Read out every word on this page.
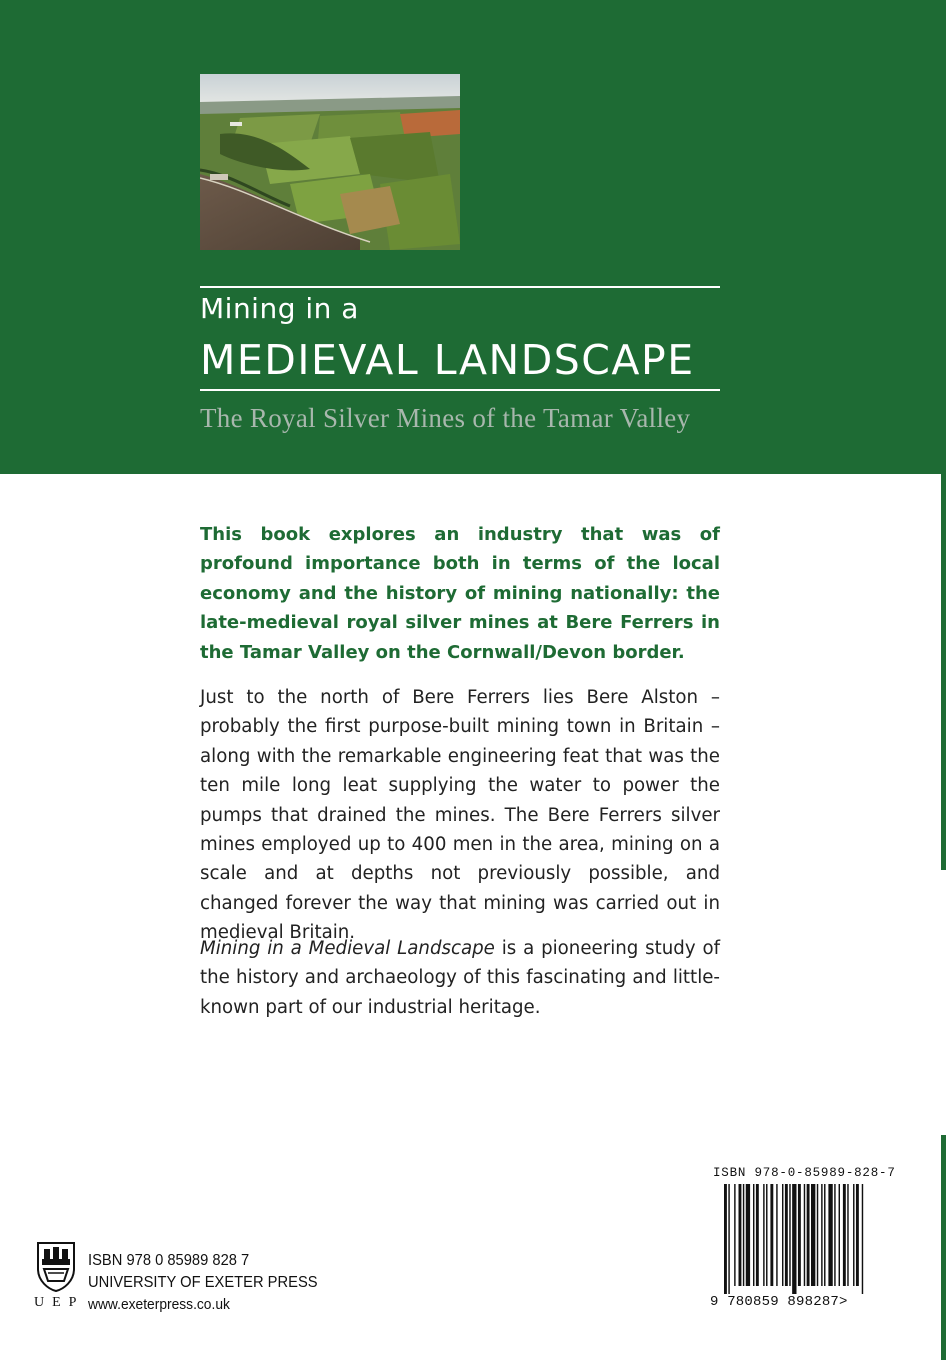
Mining in a
MEDIEVAL LANDSCAPE
The Royal Silver Mines of the Tamar Valley

This book explores an industry that was of profound importance both in terms of the local economy and the history of mining nationally: the late-medieval royal silver mines at Bere Ferrers in the Tamar Valley on the Cornwall/Devon border.

Just to the north of Bere Ferrers lies Bere Alston – probably the first purpose-built mining town in Britain – along with the remarkable engineering feat that was the ten mile long leat supplying the water to power the pumps that drained the mines. The Bere Ferrers silver mines employed up to 400 men in the area, mining on a scale and at depths not previously possible, and changed forever the way that mining was carried out in medieval Britain.

Mining in a Medieval Landscape is a pioneering study of the history and archaeology of this fascinating and little-known part of our industrial heritage.

UEP
ISBN 978 0 85989 828 7
UNIVERSITY OF EXETER PRESS
www.exeterpress.co.uk
ISBN 978-0-85989-828-7
9 780859 898287>
